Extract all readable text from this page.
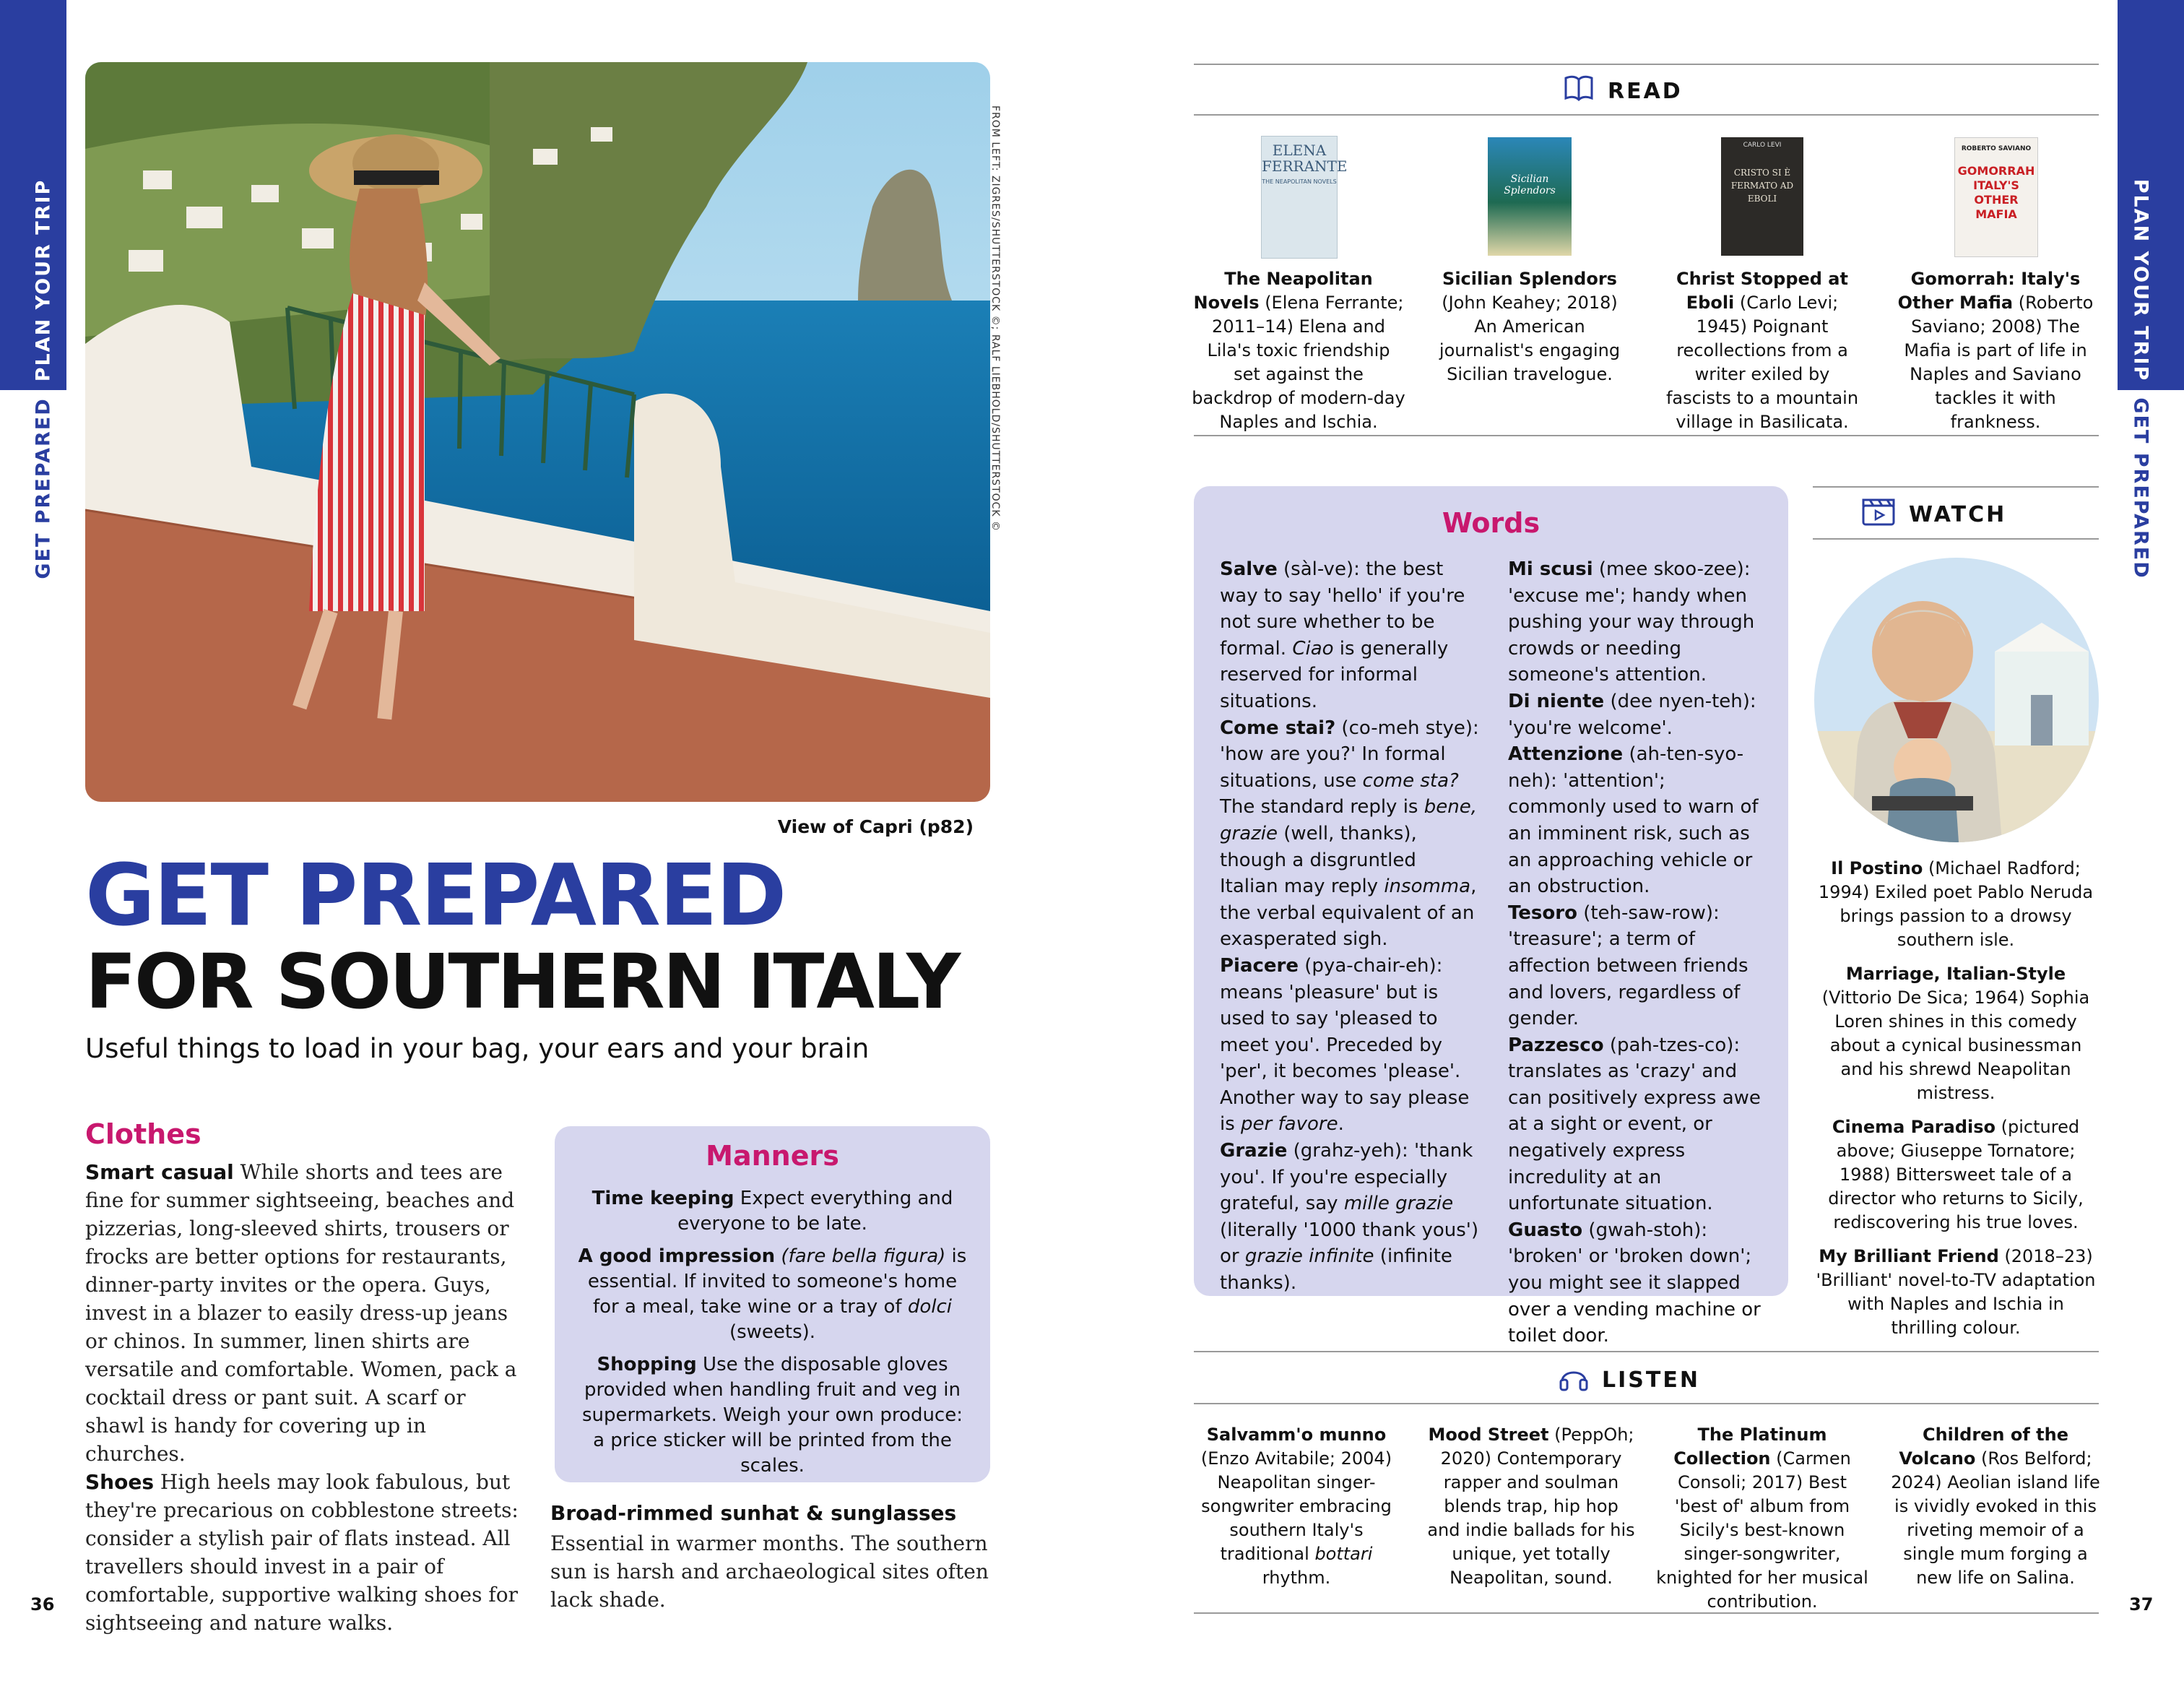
PLAN YOUR TRIP
GET PREPARED
PLAN YOUR TRIP
GET PREPARED
36	37
FROM LEFT: ZIGRES/SHUTTERSTOCK ©; RALF LIEBHOLD/SHUTTERSTOCK ©
View of Capri (p82)
GET PREPARED
FOR SOUTHERN ITALY
Useful things to load in your bag, your ears and your brain
Clothes
Smart casual While shorts and tees are fine for summer sightseeing, beaches and pizzerias, long-sleeved shirts, trousers or frocks are better options for restaurants, dinner-party invites or the opera. Guys, invest in a blazer to easily dress-up jeans or chinos. In summer, linen shirts are versatile and comfortable. Women, pack a cocktail dress or pant suit. A scarf or shawl is handy for covering up in churches.
Shoes High heels may look fabulous, but they're precarious on cobblestone streets: consider a stylish pair of flats instead. All travellers should invest in a pair of comfortable, supportive walking shoes for sightseeing and nature walks.
Manners

Time keeping Expect everything and everyone to be late.

A good impression (fare bella figura) is essential. If invited to someone's home for a meal, take wine or a tray of dolci (sweets).

Shopping Use the disposable gloves provided when handling fruit and veg in supermarkets. Weigh your own produce: a price sticker will be printed from the scales.

Broad-rimmed sunhat & sunglasses
Essential in warmer months. The southern sun is harsh and archaeological sites often lack shade.
READ
ELENA FERRANTE
THE NEAPOLITAN NOVELS	Sicilian Splendors
CARLO LEVI
CRISTO SI È FERMATO AD EBOLI
ROBERTO SAVIANO
GOMORRAH ITALY'S OTHER MAFIA
The Neapolitan Novels (Elena Ferrante; 2011–14) Elena and Lila's toxic friendship set against the backdrop of modern-day Naples and Ischia.
Sicilian Splendors (John Keahey; 2018) An American journalist's engaging Sicilian travelogue.
Christ Stopped at Eboli (Carlo Levi; 1945) Poignant recollections from a writer exiled by fascists to a mountain village in Basilicata.
Gomorrah: Italy's Other Mafia (Roberto Saviano; 2008) The Mafia is part of life in Naples and Saviano tackles it with frankness.
Words

Salve (sàl-ve): the best way to say 'hello' if you're not sure whether to be formal. Ciao is generally reserved for informal situations.

Come stai? (co-meh stye): 'how are you?' In formal situations, use come sta? The standard reply is bene, grazie (well, thanks), though a disgruntled Italian may reply insomma, the verbal equivalent of an exasperated sigh.

Piacere (pya-chair-eh): means 'pleasure' but is used to say 'pleased to meet you'. Preceded by 'per', it becomes 'please'. Another way to say please is per favore.

Grazie (grahz-yeh): 'thank you'. If you're especially grateful, say mille grazie (literally '1000 thank yous') or grazie infinite (infinite thanks).

Mi scusi (mee skoo-zee): 'excuse me'; handy when pushing your way through crowds or needing someone's attention.

Di niente (dee nyen-teh): 'you're welcome'.

Attenzione (ah-ten-syo-neh): 'attention'; commonly used to warn of an imminent risk, such as an approaching vehicle or an obstruction.

Tesoro (teh-saw-row): 'treasure'; a term of affection between friends and lovers, regardless of gender.

Pazzesco (pah-tzes-co): translates as 'crazy' and can positively express awe at a sight or event, or negatively express incredulity at an unfortunate situation.

Guasto (gwah-stoh): 'broken' or 'broken down'; you might see it slapped over a vending machine or toilet door.

WATCH

Il Postino (Michael Radford; 1994) Exiled poet Pablo Neruda brings passion to a drowsy southern isle.

Marriage, Italian-Style (Vittorio De Sica; 1964) Sophia Loren shines in this comedy about a cynical businessman and his shrewd Neapolitan mistress.

Cinema Paradiso (pictured above; Giuseppe Tornatore; 1988) Bittersweet tale of a director who returns to Sicily, rediscovering his true loves.

My Brilliant Friend (2018–23) 'Brilliant' novel-to-TV adaptation with Naples and Ischia in thrilling colour.

LISTEN
Salvamm'o munno (Enzo Avitabile; 2004) Neapolitan singer-songwriter embracing southern Italy's traditional bottari rhythm.
Mood Street (PeppOh; 2020) Contemporary rapper and soulman blends trap, hip hop and indie ballads for his unique, yet totally Neapolitan, sound.
The Platinum Collection (Carmen Consoli; 2017) Best 'best of' album from Sicily's best-known singer-songwriter, knighted for her musical contribution.
Children of the Volcano (Ros Belford; 2024) Aeolian island life is vividly evoked in this riveting memoir of a single mum forging a new life on Salina.
